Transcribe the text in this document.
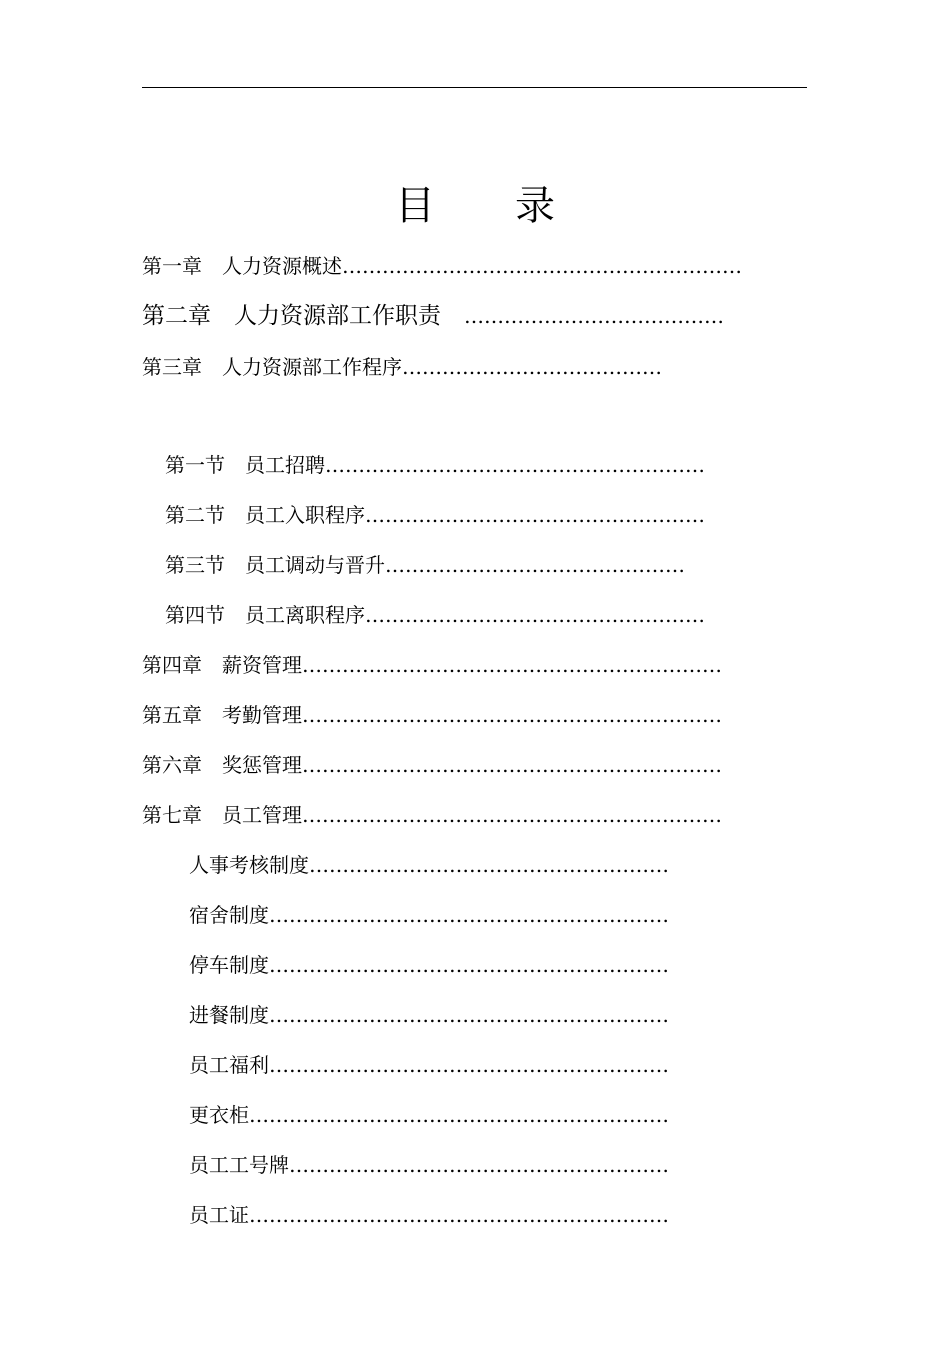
目 录
第一章　人力资源概述……………………………………………………
第二章　人力资源部工作职责　…………………………………
第三章　人力资源部工作程序…………………………………
第一节　员工招聘…………………………………………………
第二节　员工入职程序……………………………………………
第三节　员工调动与晋升………………………………………
第四节　员工离职程序……………………………………………
第四章　薪资管理………………………………………………………
第五章　考勤管理………………………………………………………
第六章　奖惩管理………………………………………………………
第七章　员工管理………………………………………………………
人事考核制度………………………………………………
宿舍制度……………………………………………………
停车制度……………………………………………………
进餐制度……………………………………………………
员工福利……………………………………………………
更衣柜………………………………………………………
员工工号牌…………………………………………………
员工证………………………………………………………
